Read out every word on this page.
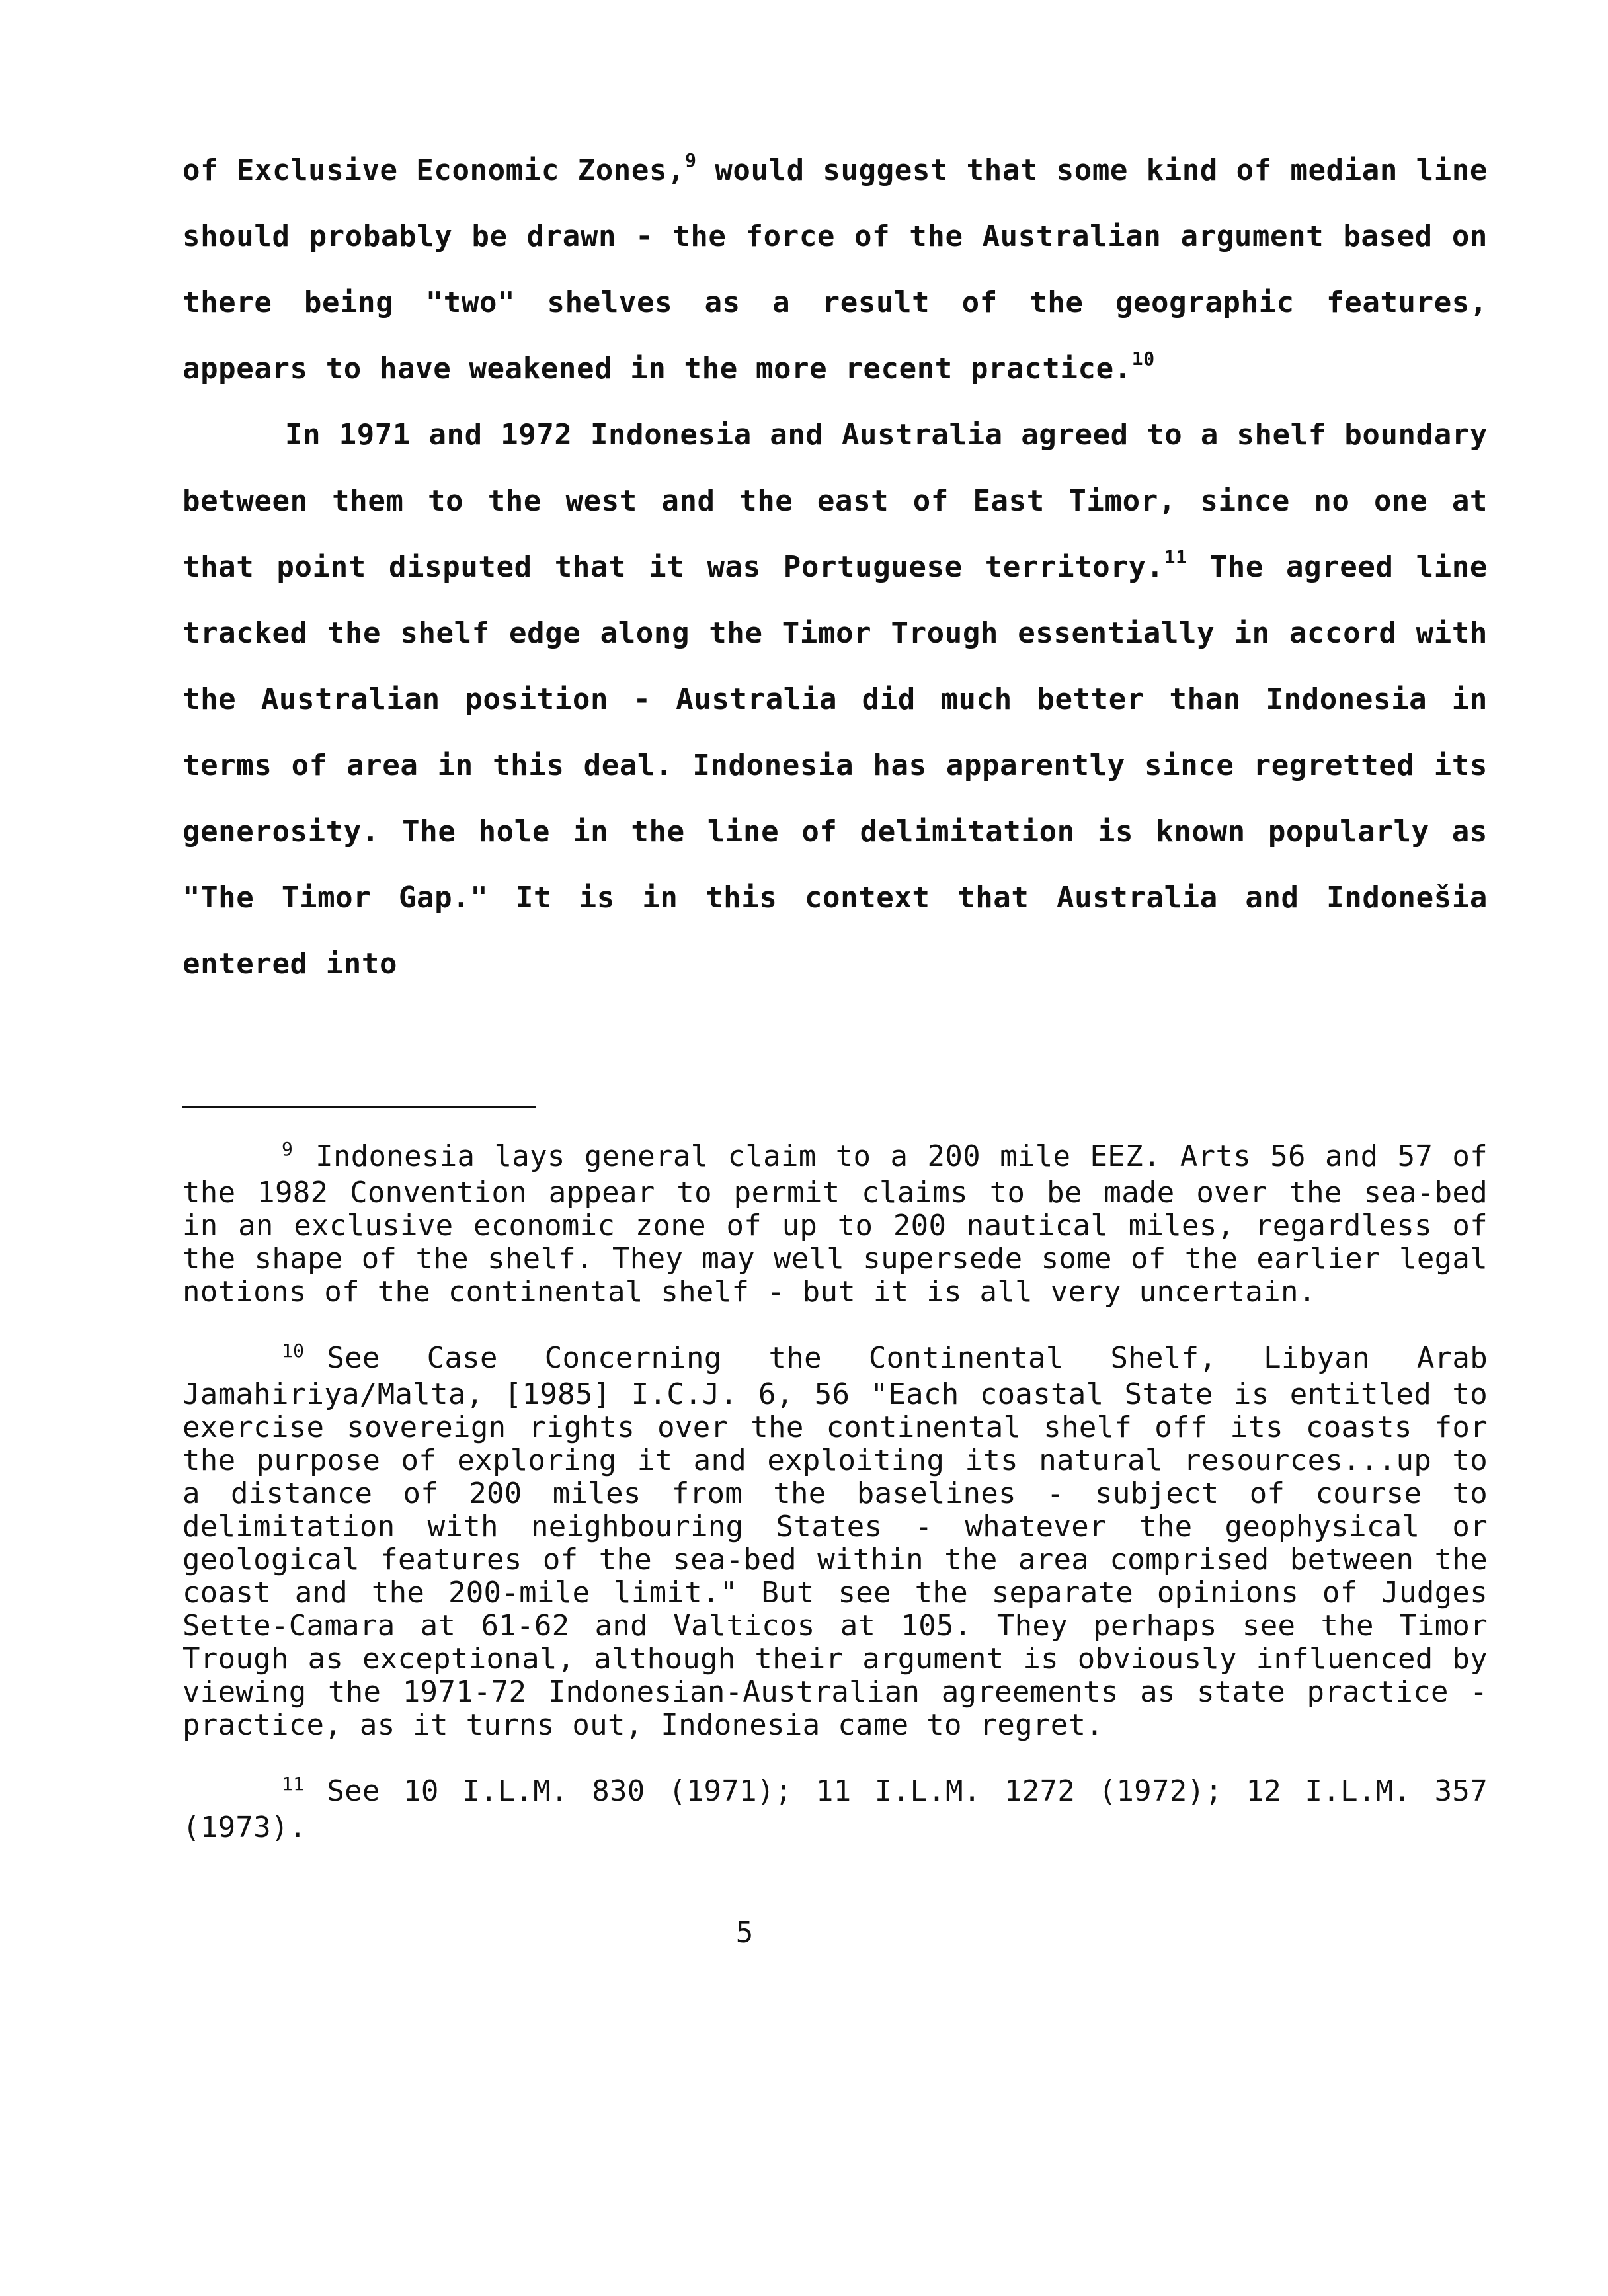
of Exclusive Economic Zones,$^9$ would suggest that some kind of median line should probably be drawn - the force of the Australian argument based on there being "two" shelves as a result of the geographic features, appears to have weakened in the more recent practice.$^{10}$

In 1971 and 1972 Indonesia and Australia agreed to a shelf boundary between them to the west and the east of East Timor, since no one at that point disputed that it was Portuguese territory.$^{11}$ The agreed line tracked the shelf edge along the Timor Trough essentially in accord with the Australian position - Australia did much better than Indonesia in terms of area in this deal. Indonesia has apparently since regretted its generosity. The hole in the line of delimitation is known popularly as "The Timor Gap." It is in this context that Australia and Indonešia entered into

$^9$ Indonesia lays general claim to a 200 mile EEZ. Arts 56 and 57 of the 1982 Convention appear to permit claims to be made over the sea-bed in an exclusive economic zone of up to 200 nautical miles, regardless of the shape of the shelf. They may well supersede some of the earlier legal notions of the continental shelf - but it is all very uncertain.

$^{10}$ See Case Concerning the Continental Shelf, Libyan Arab Jamahiriya/Malta, [1985] I.C.J. 6, 56 "Each coastal State is entitled to exercise sovereign rights over the continental shelf off its coasts for the purpose of exploring it and exploiting its natural resources...up to a distance of 200 miles from the baselines - subject of course to delimitation with neighbouring States - whatever the geophysical or geological features of the sea-bed within the area comprised between the coast and the 200-mile limit." But see the separate opinions of Judges Sette-Camara at 61-62 and Valticos at 105. They perhaps see the Timor Trough as exceptional, although their argument is obviously influenced by viewing the 1971-72 Indonesian-Australian agreements as state practice - practice, as it turns out, Indonesia came to regret.

$^{11}$ See 10 I.L.M. 830 (1971); 11 I.L.M. 1272 (1972); 12 I.L.M. 357 (1973).

5
